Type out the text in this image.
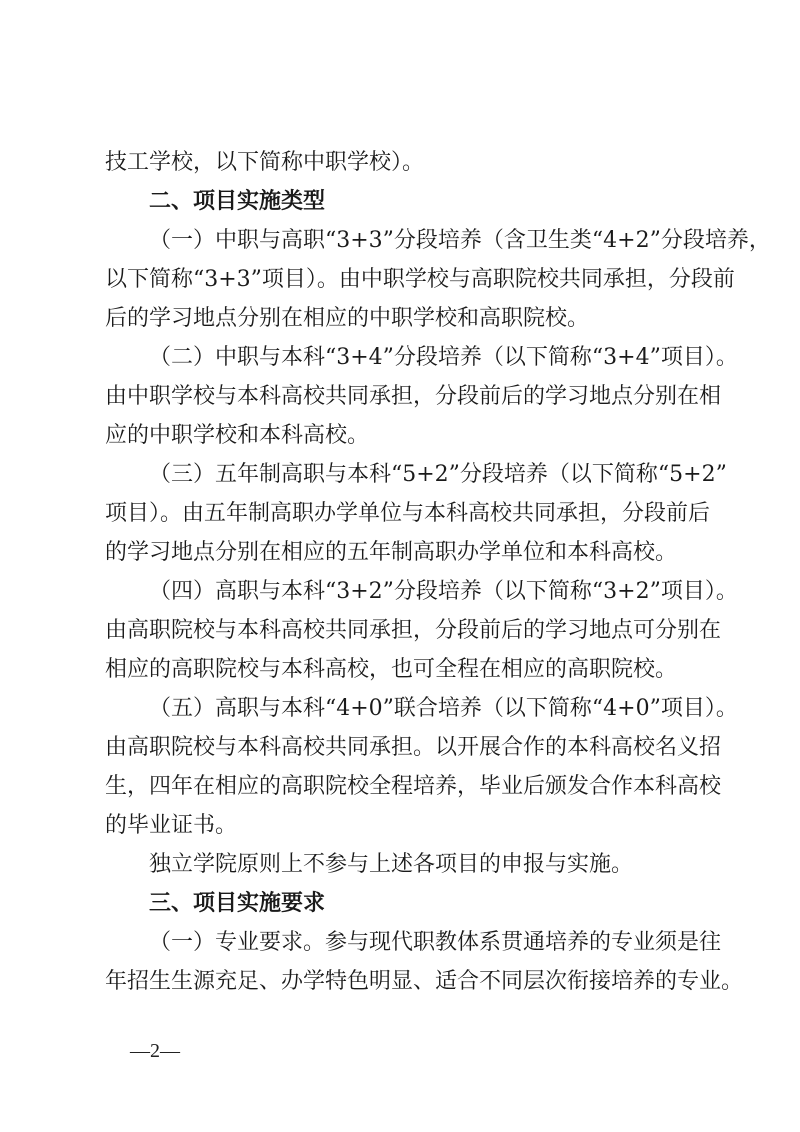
技工学校，以下简称中职学校）。
二、项目实施类型
（一）中职与高职“3+3”分段培养（含卫生类“4+2”分段培养，
以下简称“3+3”项目）。由中职学校与高职院校共同承担，分段前
后的学习地点分别在相应的中职学校和高职院校。
（二）中职与本科“3+4”分段培养（以下简称“3+4”项目）。
由中职学校与本科高校共同承担，分段前后的学习地点分别在相
应的中职学校和本科高校。
（三）五年制高职与本科“5+2”分段培养（以下简称“5+2”
项目）。由五年制高职办学单位与本科高校共同承担，分段前后
的学习地点分别在相应的五年制高职办学单位和本科高校。
（四）高职与本科“3+2”分段培养（以下简称“3+2”项目）。
由高职院校与本科高校共同承担，分段前后的学习地点可分别在
相应的高职院校与本科高校，也可全程在相应的高职院校。
（五）高职与本科“4+0”联合培养（以下简称“4+0”项目）。
由高职院校与本科高校共同承担。以开展合作的本科高校名义招
生，四年在相应的高职院校全程培养，毕业后颁发合作本科高校
的毕业证书。
独立学院原则上不参与上述各项目的申报与实施。
三、项目实施要求
（一）专业要求。参与现代职教体系贯通培养的专业须是往
年招生生源充足、办学特色明显、适合不同层次衔接培养的专业。
—2—
